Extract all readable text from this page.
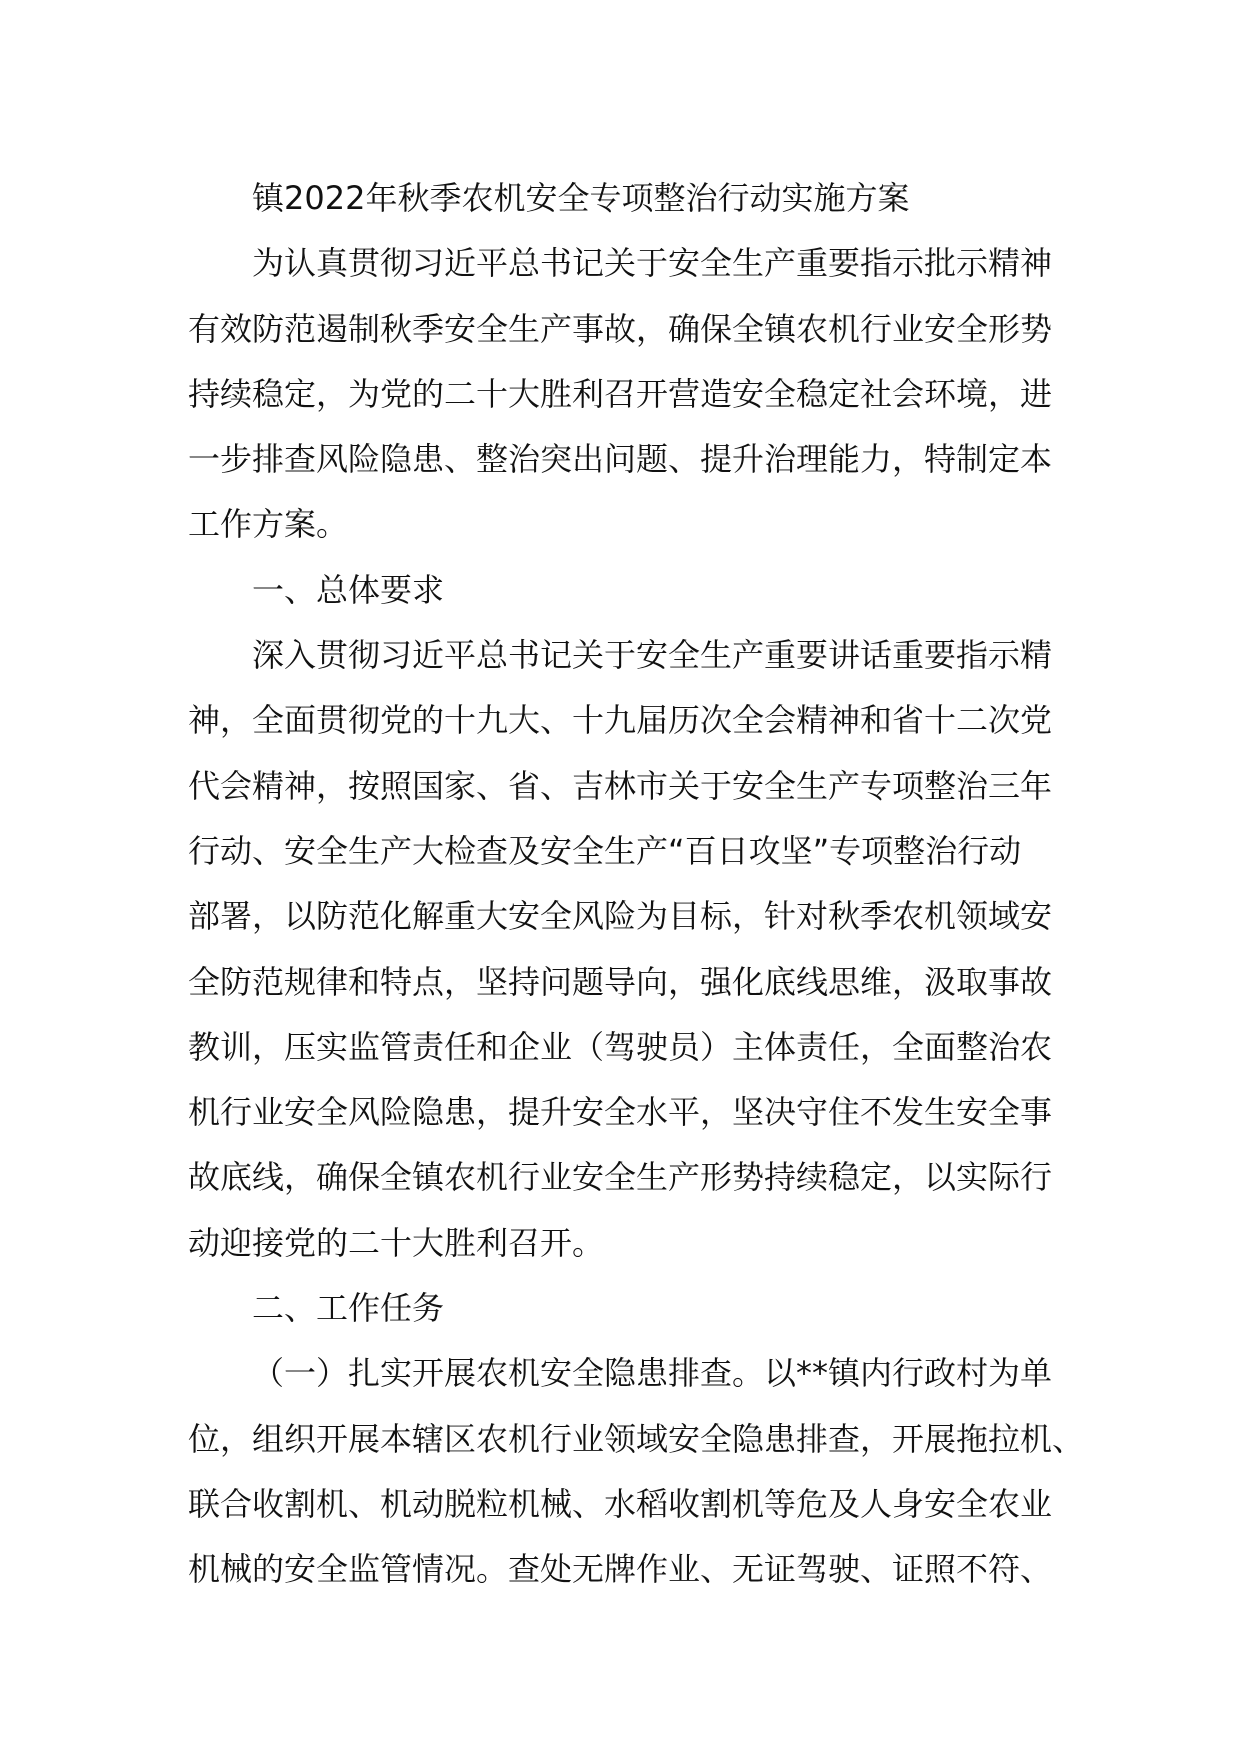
镇2022年秋季农机安全专项整治行动实施方案
为认真贯彻习近平总书记关于安全生产重要指示批示精神
有效防范遏制秋季安全生产事故，确保全镇农机行业安全形势
持续稳定，为党的二十大胜利召开营造安全稳定社会环境，进
一步排查风险隐患、整治突出问题、提升治理能力，特制定本
工作方案。
一、总体要求
深入贯彻习近平总书记关于安全生产重要讲话重要指示精
神，全面贯彻党的十九大、十九届历次全会精神和省十二次党
代会精神，按照国家、省、吉林市关于安全生产专项整治三年
行动、安全生产大检查及安全生产“百日攻坚”专项整治行动
部署，以防范化解重大安全风险为目标，针对秋季农机领域安
全防范规律和特点，坚持问题导向，强化底线思维，汲取事故
教训，压实监管责任和企业（驾驶员）主体责任，全面整治农
机行业安全风险隐患，提升安全水平，坚决守住不发生安全事
故底线，确保全镇农机行业安全生产形势持续稳定，以实际行
动迎接党的二十大胜利召开。
二、工作任务
（一）扎实开展农机安全隐患排查。以**镇内行政村为单
位，组织开展本辖区农机行业领域安全隐患排查，开展拖拉机、
联合收割机、机动脱粒机械、水稻收割机等危及人身安全农业
机械的安全监管情况。查处无牌作业、无证驾驶、证照不符、
